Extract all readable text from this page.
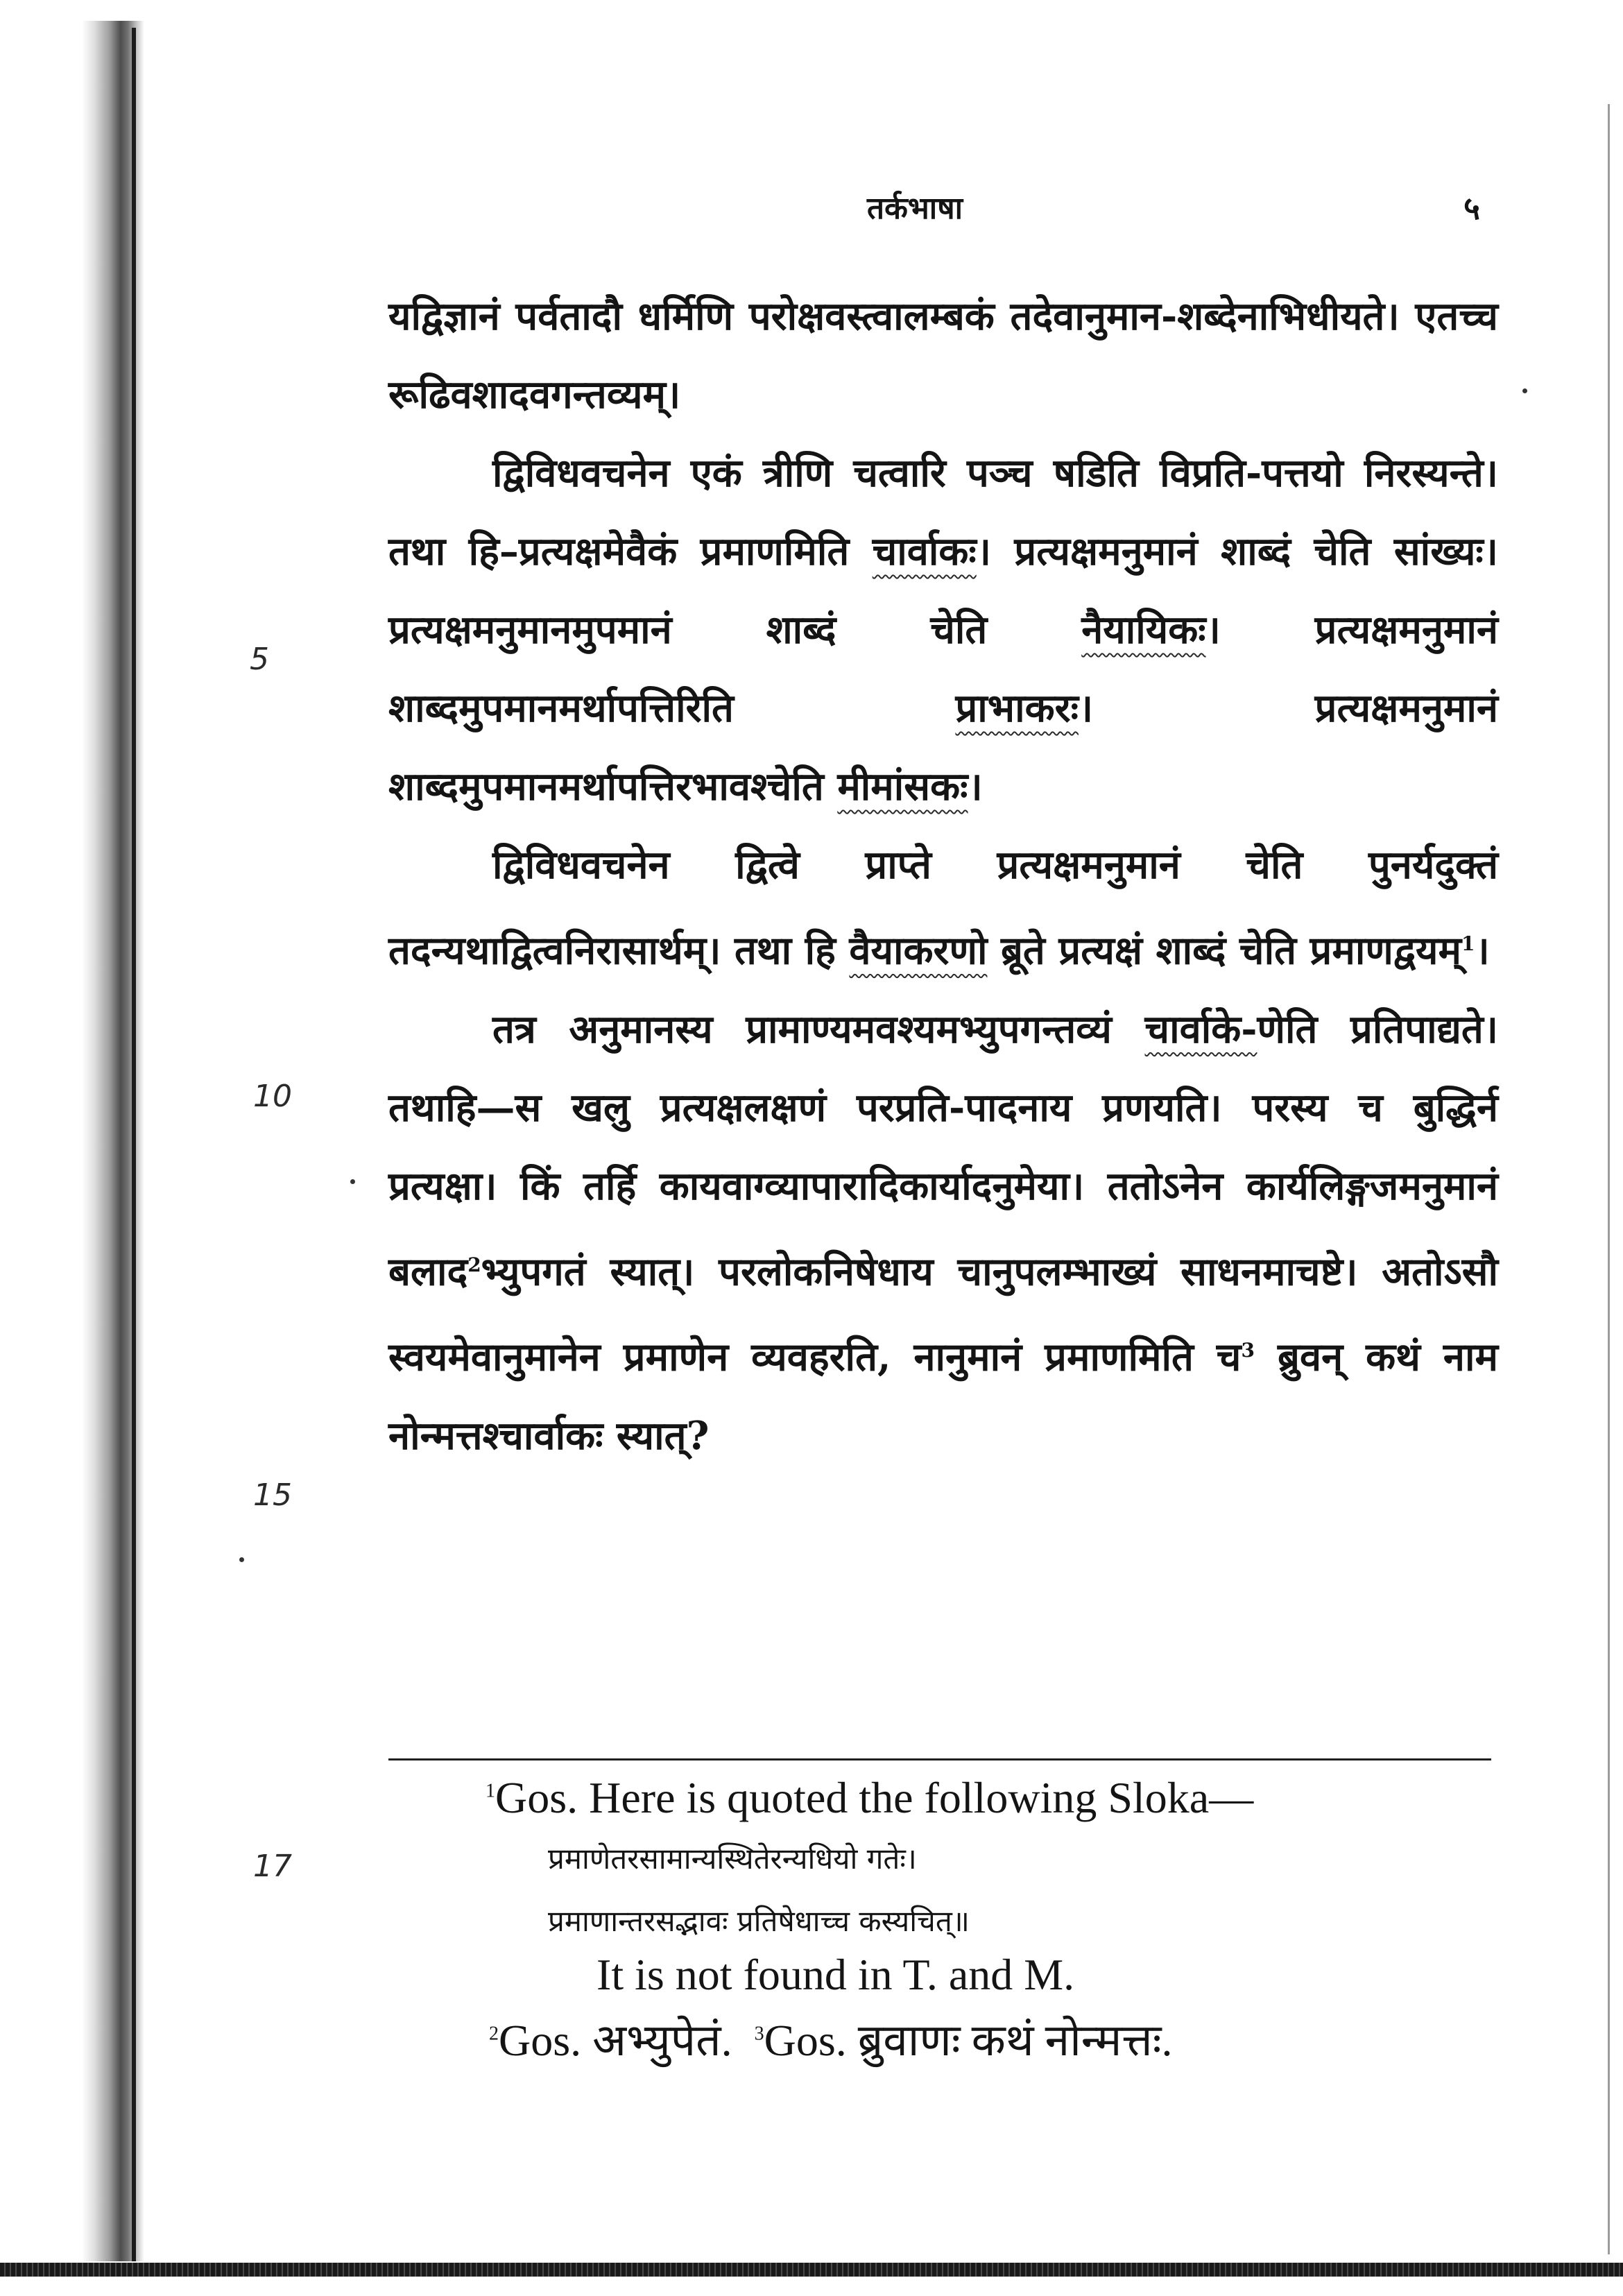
तर्कभाषा	५
5
10
15
17

यद्विज्ञानं पर्वतादौ धर्मिणि परोक्षवस्त्वालम्बकं तदेवानुमान-शब्देनाभिधीयते। एतच्च रूढिवशादवगन्तव्यम्।

द्विविधवचनेन एकं त्रीणि चत्वारि पञ्च षडिति विप्रति-पत्तयो निरस्यन्ते। तथा हि–प्रत्यक्षमेवैकं प्रमाणमिति चार्वाकः। प्रत्यक्षमनुमानं शाब्दं चेति सांख्यः। प्रत्यक्षमनुमानमुपमानं शाब्दं चेति नैयायिकः। प्रत्यक्षमनुमानं शाब्दमुपमानमर्थापत्तिरिति प्राभाकरः। प्रत्यक्षमनुमानं शाब्दमुपमानमर्थापत्तिरभावश्चेति मीमांसकः।

द्विविधवचनेन द्वित्वे प्राप्ते प्रत्यक्षमनुमानं चेति पुनर्यदुक्तं तदन्यथाद्वित्वनिरासार्थम्। तथा हि वैयाकरणो ब्रूते प्रत्यक्षं शाब्दं चेति प्रमाणद्वयम्$^1$।

तत्र अनुमानस्य प्रामाण्यमवश्यमभ्युपगन्तव्यं चार्वाके-णेति प्रतिपाद्यते। तथाहि—स खलु प्रत्यक्षलक्षणं परप्रति-पादनाय प्रणयति। परस्य च बुद्धिर्न प्रत्यक्षा। किं तर्हि कायवाग्व्यापारादिकार्यादनुमेया। ततोऽनेन कार्यलिङ्गजमनुमानं बलाद$^2$भ्युपगतं स्यात्। परलोकनिषेधाय चानुपलम्भाख्यं साधनमाचष्टे। अतोऽसौ स्वयमेवानुमानेन प्रमाणेन व्यवहरति, नानुमानं प्रमाणमिति च$^3$ ब्रुवन् कथं नाम नोन्मत्तश्चार्वाकः स्यात्?

$^1$Gos. Here is quoted the following Sloka—
प्रमाणेतरसामान्यस्थितेरन्यधियो गतेः।
प्रमाणान्तरसद्भावः प्रतिषेधाच्च कस्यचित्॥
It is not found in T. and M.
$^2$Gos. अभ्युपेतं. $^3$Gos. ब्रुवाणः कथं नोन्मत्तः.
